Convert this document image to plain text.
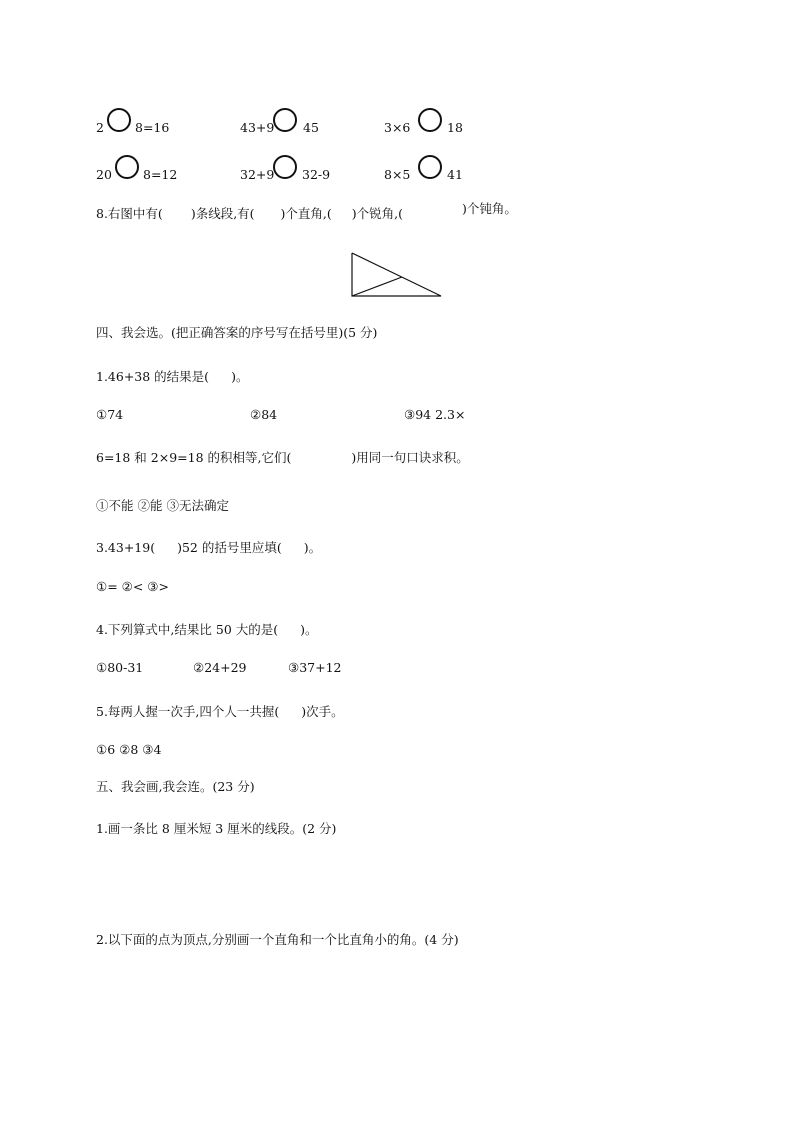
2 8=16	43+9 45	3×6	18
20 8=12	32+9 32-9	8×5	41
8.右图中有( )条线段,有( )个直角,( )个锐角,(	)个钝角。
四、我会选。(把正确答案的序号写在括号里)(5 分)
1.46+38 的结果是( )。
①74	②84	③94 2.3×
6=18 和 2×9=18 的积相等,它们(	)用同一句口诀求积。
①不能 ②能 ③无法确定
3.43+19( )52 的括号里应填( )。
①= ②< ③>
4.下列算式中,结果比 50 大的是( )。
①80-31	②24+29	③37+12
5.每两人握一次手,四个人一共握( )次手。
①6 ②8 ③4
五、我会画,我会连。(23 分)
1.画一条比 8 厘米短 3 厘米的线段。(2 分)
2.以下面的点为顶点,分别画一个直角和一个比直角小的角。(4 分)
